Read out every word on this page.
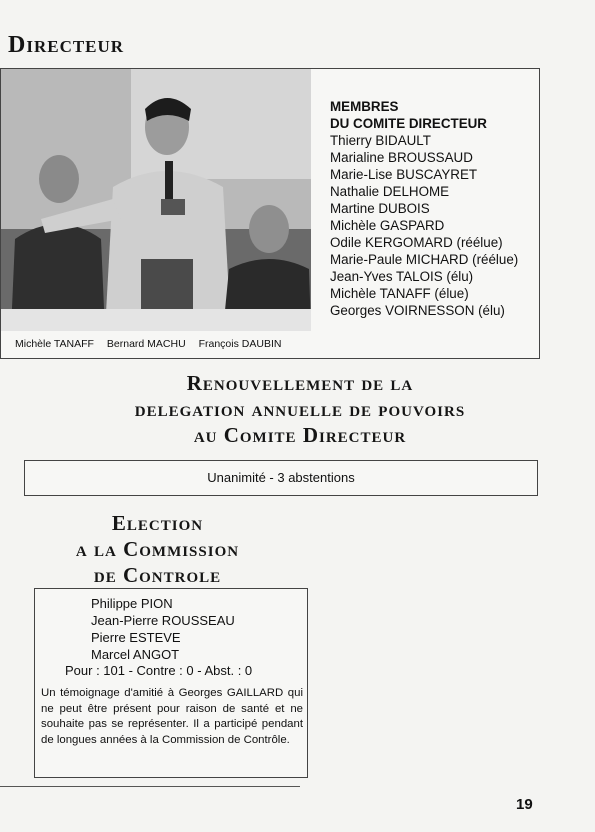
Directeur
Michèle TANAFF Bernard MACHU François DAUBIN
MEMBRES
DU COMITE DIRECTEUR
Thierry BIDAULT
Marialine BROUSSAUD
Marie-Lise BUSCAYRET
Nathalie DELHOME
Martine DUBOIS
Michèle GASPARD
Odile KERGOMARD (réélue)
Marie-Paule MICHARD (réélue)
Jean-Yves TALOIS (élu)
Michèle TANAFF (élue)
Georges VOIRNESSON (élu)
Renouvellement de la
delegation annuelle de pouvoirs
au Comite Directeur
Unanimité - 3 abstentions
Election
a la Commission
de Controle
Philippe PION
Jean-Pierre ROUSSEAU
Pierre ESTEVE
Marcel ANGOT
Pour : 101 - Contre : 0 - Abst. : 0
Un témoignage d'amitié à Georges GAILLARD qui ne peut être présent pour raison de santé et ne souhaite pas se représenter. Il a participé pendant de longues années à la Commission de Contrôle.
19
